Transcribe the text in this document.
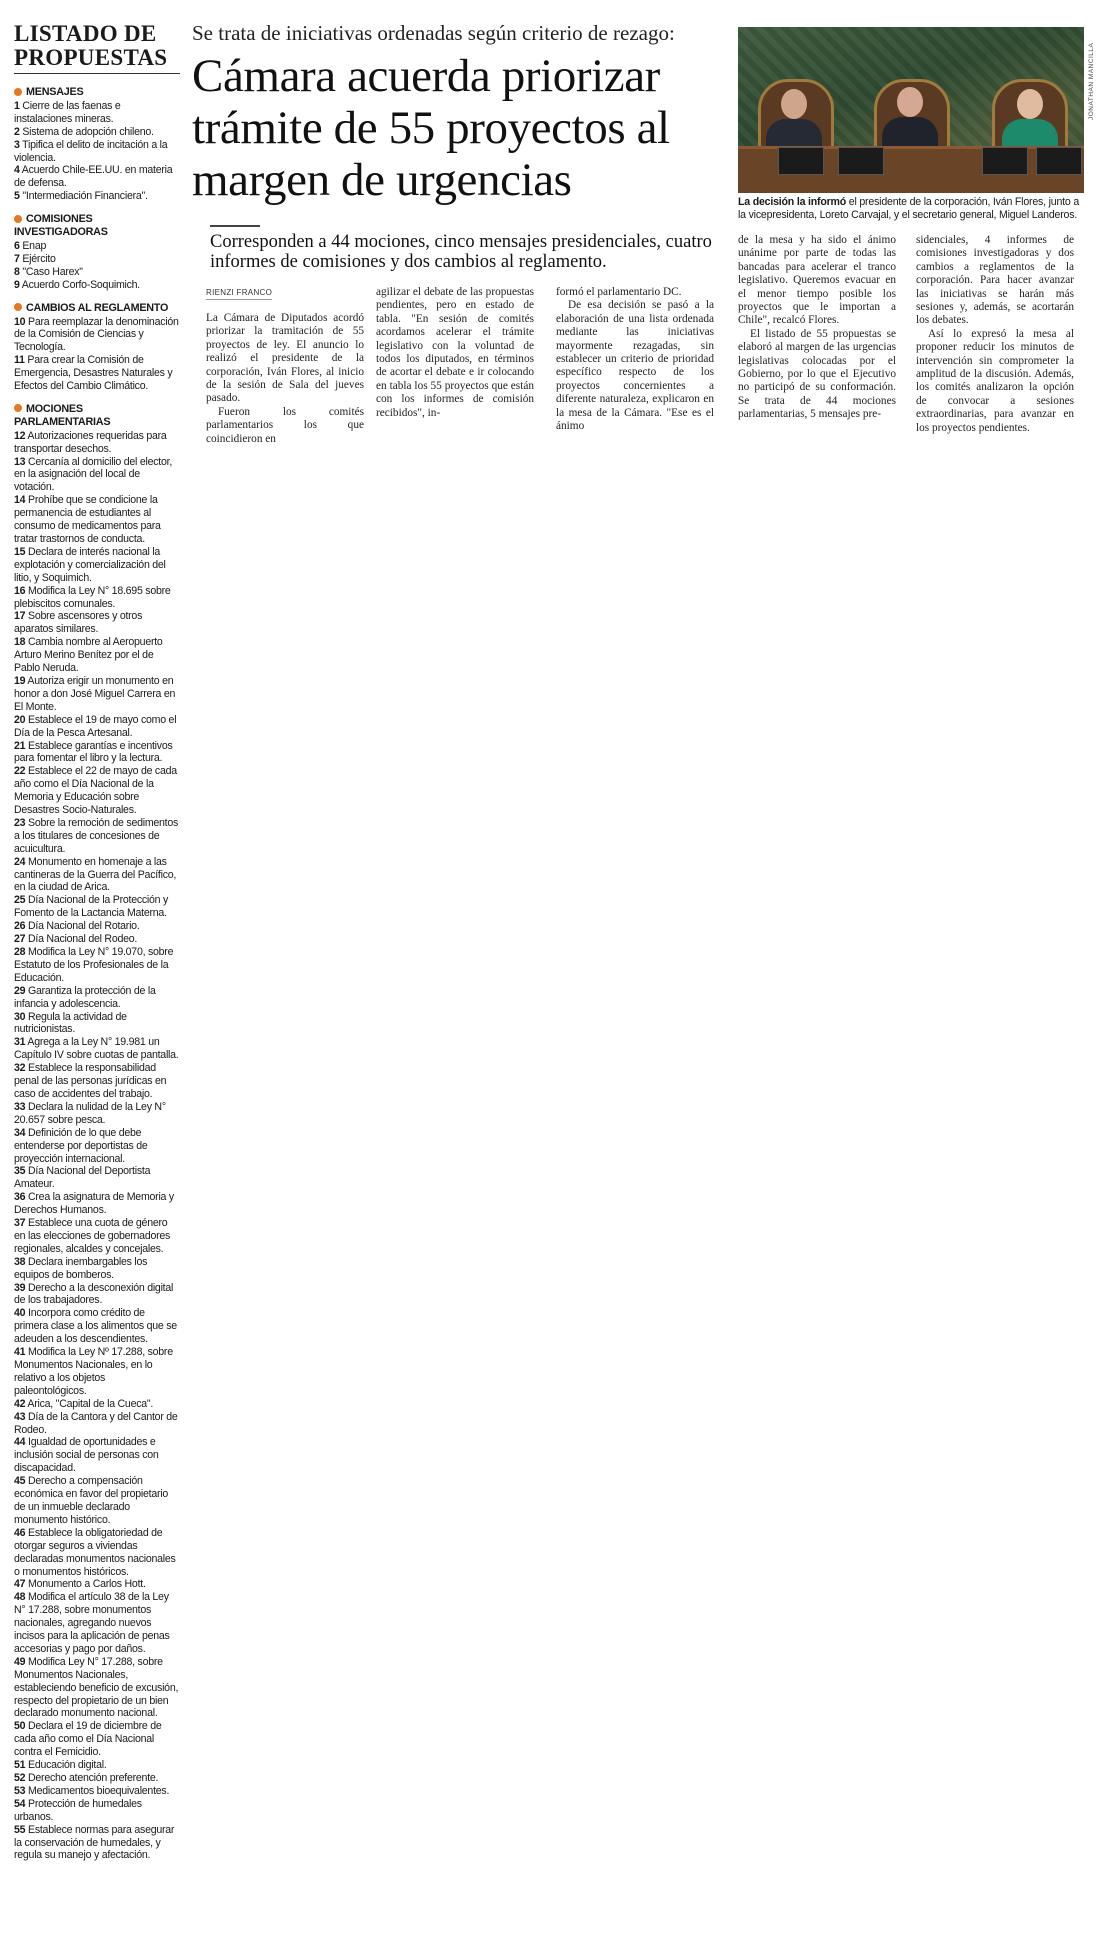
LISTADO DE PROPUESTAS
MENSAJES
1 Cierre de las faenas e instalaciones mineras.
2 Sistema de adopción chileno.
3 Tipifica el delito de incitación a la violencia.
4 Acuerdo Chile-EE.UU. en materia de defensa.
5 "Intermediación Financiera".
COMISIONES INVESTIGADORAS
6 Enap
7 Ejército
8 "Caso Harex"
9 Acuerdo Corfo-Soquimich.
CAMBIOS AL REGLAMENTO
10 Para reemplazar la denominación de la Comisión de Ciencias y Tecnología.
11 Para crear la Comisión de Emergencia, Desastres Naturales y Efectos del Cambio Climático.
MOCIONES PARLAMENTARIAS
12 Autorizaciones requeridas para transportar desechos.
13 Cercanía al domicilio del elector, en la asignación del local de votación.
14 Prohíbe que se condicione la permanencia de estudiantes al consumo de medicamentos para tratar trastornos de conducta.
15 Declara de interés nacional la explotación y comercialización del litio, y Soquimich.
16 Modifica la Ley N° 18.695 sobre plebiscitos comunales.
17 Sobre ascensores y otros aparatos similares.
18 Cambia nombre al Aeropuerto Arturo Merino Benítez por el de Pablo Neruda.
19 Autoriza erigir un monumento en honor a don José Miguel Carrera en El Monte.
20 Establece el 19 de mayo como el Día de la Pesca Artesanal.
21 Establece garantías e incentivos para fomentar el libro y la lectura.
22 Establece el 22 de mayo de cada año como el Día Nacional de la Memoria y Educación sobre Desastres Socio-Naturales.
23 Sobre la remoción de sedimentos a los titulares de concesiones de acuicultura.
24 Monumento en homenaje a las cantineras de la Guerra del Pacífico, en la ciudad de Arica.
25 Día Nacional de la Protección y Fomento de la Lactancia Materna.
26 Día Nacional del Rotario.
27 Día Nacional del Rodeo.
28 Modifica la Ley N° 19.070, sobre Estatuto de los Profesionales de la Educación.
29 Garantiza la protección de la infancia y adolescencia.
30 Regula la actividad de nutricionistas.
31 Agrega a la Ley N° 19.981 un Capítulo IV sobre cuotas de pantalla.
32 Establece la responsabilidad penal de las personas jurídicas en caso de accidentes del trabajo.
33 Declara la nulidad de la Ley N° 20.657 sobre pesca.
34 Definición de lo que debe entenderse por deportistas de proyección internacional.
35 Día Nacional del Deportista Amateur.
36 Crea la asignatura de Memoria y Derechos Humanos.
37 Establece una cuota de género en las elecciones de gobernadores regionales, alcaldes y concejales.
38 Declara inembargables los equipos de bomberos.
39 Derecho a la desconexión digital de los trabajadores.
40 Incorpora como crédito de primera clase a los alimentos que se adeuden a los descendientes.
41 Modifica la Ley Nº 17.288, sobre Monumentos Nacionales, en lo relativo a los objetos paleontológicos.
42 Arica, "Capital de la Cueca".
43 Día de la Cantora y del Cantor de Rodeo.
44 Igualdad de oportunidades e inclusión social de personas con discapacidad.
45 Derecho a compensación económica en favor del propietario de un inmueble declarado monumento histórico.
46 Establece la obligatoriedad de otorgar seguros a viviendas declaradas monumentos nacionales o monumentos históricos.
47 Monumento a Carlos Hott.
48 Modifica el artículo 38 de la Ley N° 17.288, sobre monumentos nacionales, agregando nuevos incisos para la aplicación de penas accesorias y pago por daños.
49 Modifica Ley N° 17.288, sobre Monumentos Nacionales, estableciendo beneficio de excusión, respecto del propietario de un bien declarado monumento nacional.
50 Declara el 19 de diciembre de cada año como el Día Nacional contra el Femicidio.
51 Educación digital.
52 Derecho atención preferente.
53 Medicamentos bioequivalentes.
54 Protección de humedales urbanos.
55 Establece normas para asegurar la conservación de humedales, y regula su manejo y afectación.
Se trata de iniciativas ordenadas según criterio de rezago:
Cámara acuerda priorizar trámite de 55 proyectos al margen de urgencias
JONATHAN MANCILLA
La decisión la informó el presidente de la corporación, Iván Flores, junto a la vicepresidenta, Loreto Carvajal, y el secretario general, Miguel Landeros.
Corresponden a 44 mociones, cinco mensajes presidenciales, cuatro informes de comisiones y dos cambios al reglamento.
RIENZI FRANCO

La Cámara de Diputados acordó priorizar la tramitación de 55 proyectos de ley. El anuncio lo realizó el presidente de la corporación, Iván Flores, al inicio de la sesión de Sala del jueves pasado.

Fueron los comités parlamentarios los que coincidieron en

agilizar el debate de las propuestas pendientes, pero en estado de tabla. "En sesión de comités acordamos acelerar el trámite legislativo con la voluntad de todos los diputados, en términos de acortar el debate e ir colocando en tabla los 55 proyectos que están con los informes de comisión recibidos", in-

formó el parlamentario DC.

De esa decisión se pasó a la elaboración de una lista ordenada mediante las iniciativas mayormente rezagadas, sin establecer un criterio de prioridad específico respecto de los proyectos concernientes a diferente naturaleza, explicaron en la mesa de la Cámara. "Ese es el ánimo

de la mesa y ha sido el ánimo unánime por parte de todas las bancadas para acelerar el tranco legislativo. Queremos evacuar en el menor tiempo posible los proyectos que le importan a Chile", recalcó Flores.

El listado de 55 propuestas se elaboró al margen de las urgencias legislativas colocadas por el Gobierno, por lo que el Ejecutivo no participó de su conformación. Se trata de 44 mociones parlamentarias, 5 mensajes pre-

sidenciales, 4 informes de comisiones investigadoras y dos cambios a reglamentos de la corporación. Para hacer avanzar las iniciativas se harán más sesiones y, además, se acortarán los debates.

Así lo expresó la mesa al proponer reducir los minutos de intervención sin comprometer la amplitud de la discusión. Además, los comités analizaron la opción de convocar a sesiones extraordinarias, para avanzar en los proyectos pendientes.
